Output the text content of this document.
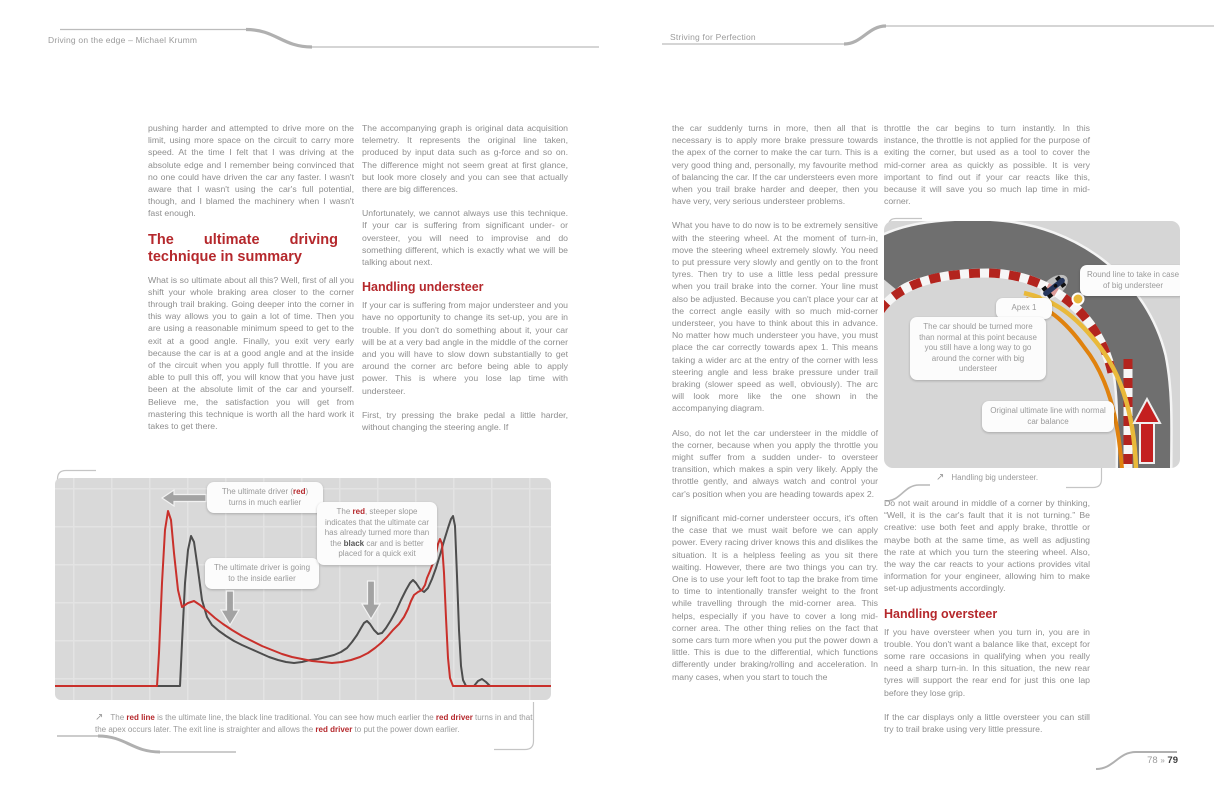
Driving on the edge – Michael Krumm	Striving for Perfection

pushing harder and attempted to drive more on the limit, using more space on the circuit to carry more speed. At the time I felt that I was driving at the absolute edge and I remember being convinced that no one could have driven the car any faster. I wasn't aware that I wasn't using the car's full potential, though, and I blamed the machinery when I wasn't fast enough.

The ultimate driving technique in summary

What is so ultimate about all this? Well, first of all you shift your whole braking area closer to the corner through trail braking. Going deeper into the corner in this way allows you to gain a lot of time. Then you are using a reasonable minimum speed to get to the exit at a good angle. Finally, you exit very early because the car is at a good angle and at the inside of the circuit when you apply full throttle. If you are able to pull this off, you will know that you have just been at the absolute limit of the car and yourself. Believe me, the satisfaction you will get from mastering this technique is worth all the hard work it takes to get there.

The accompanying graph is original data acquisition telemetry. It represents the original line taken, produced by input data such as g-force and so on. The difference might not seem great at first glance, but look more closely and you can see that actually there are big differences.

Unfortunately, we cannot always use this technique. If your car is suffering from significant under- or oversteer, you will need to improvise and do something different, which is exactly what we will be talking about next.

Handling understeer

If your car is suffering from major understeer and you have no opportunity to change its set-up, you are in trouble. If you don't do something about it, your car will be at a very bad angle in the middle of the corner and you will have to slow down substantially to get around the corner arc before being able to apply power. This is where you lose lap time with understeer.

First, try pressing the brake pedal a little harder, without changing the steering angle. If

The ultimate driver (red) turns in much earlier
The ultimate driver is going to the inside earlier
The red, steeper slope indicates that the ultimate car has already turned more than the black car and is better placed for a quick exit
↗ The red line is the ultimate line, the black line traditional. You can see how much earlier the red driver turns in and that the apex occurs later. The exit line is straighter and allows the red driver to put the power down earlier.

the car suddenly turns in more, then all that is necessary is to apply more brake pressure towards the apex of the corner to make the car turn. This is a very good thing and, personally, my favourite method of balancing the car. If the car understeers even more when you trail brake harder and deeper, then you have very, very serious understeer problems.

What you have to do now is to be extremely sensitive with the steering wheel. At the moment of turn-in, move the steering wheel extremely slowly. You need to put pressure very slowly and gently on to the front tyres. Then try to use a little less pedal pressure when you trail brake into the corner. Your line must also be adjusted. Because you can't place your car at the correct angle easily with so much mid-corner understeer, you have to think about this in advance. No matter how much understeer you have, you must place the car correctly towards apex 1. This means taking a wider arc at the entry of the corner with less steering angle and less brake pressure under trail braking (slower speed as well, obviously). The arc will look more like the one shown in the accompanying diagram.

Also, do not let the car understeer in the middle of the corner, because when you apply the throttle you might suffer from a sudden under- to oversteer transition, which makes a spin very likely. Apply the throttle gently, and always watch and control your car's position when you are heading towards apex 2.

If significant mid-corner understeer occurs, it's often the case that we must wait before we can apply power. Every racing driver knows this and dislikes the situation. It is a helpless feeling as you sit there waiting. However, there are two things you can try. One is to use your left foot to tap the brake from time to time to intentionally transfer weight to the front while travelling through the mid-corner area. This helps, especially if you have to cover a long mid-corner area. The other thing relies on the fact that some cars turn more when you put the power down a little. This is due to the differential, which functions differently under braking/rolling and acceleration. In many cases, when you start to touch the

throttle the car begins to turn instantly. In this instance, the throttle is not applied for the purpose of exiting the corner, but used as a tool to cover the mid-corner area as quickly as possible. It is very important to find out if your car reacts like this, because it will save you so much lap time in mid-corner.

Round line to take in case of big understeer
Apex 1
The car should be turned more than normal at this point because you still have a long way to go around the corner with big understeer
Original ultimate line with normal car balance
↗ Handling big understeer.

Do not wait around in middle of a corner by thinking, “Well, it is the car's fault that it is not turning.” Be creative: use both feet and apply brake, throttle or maybe both at the same time, as well as adjusting the rate at which you turn the steering wheel. Also, the way the car reacts to your actions provides vital information for your engineer, allowing him to make set-up adjustments accordingly.

Handling oversteer

If you have oversteer when you turn in, you are in trouble. You don't want a balance like that, except for some rare occasions in qualifying when you really need a sharp turn-in. In this situation, the new rear tyres will support the rear end for just this one lap before they lose grip.

If the car displays only a little oversteer you can still try to trail brake using very little pressure.

78 » 79
